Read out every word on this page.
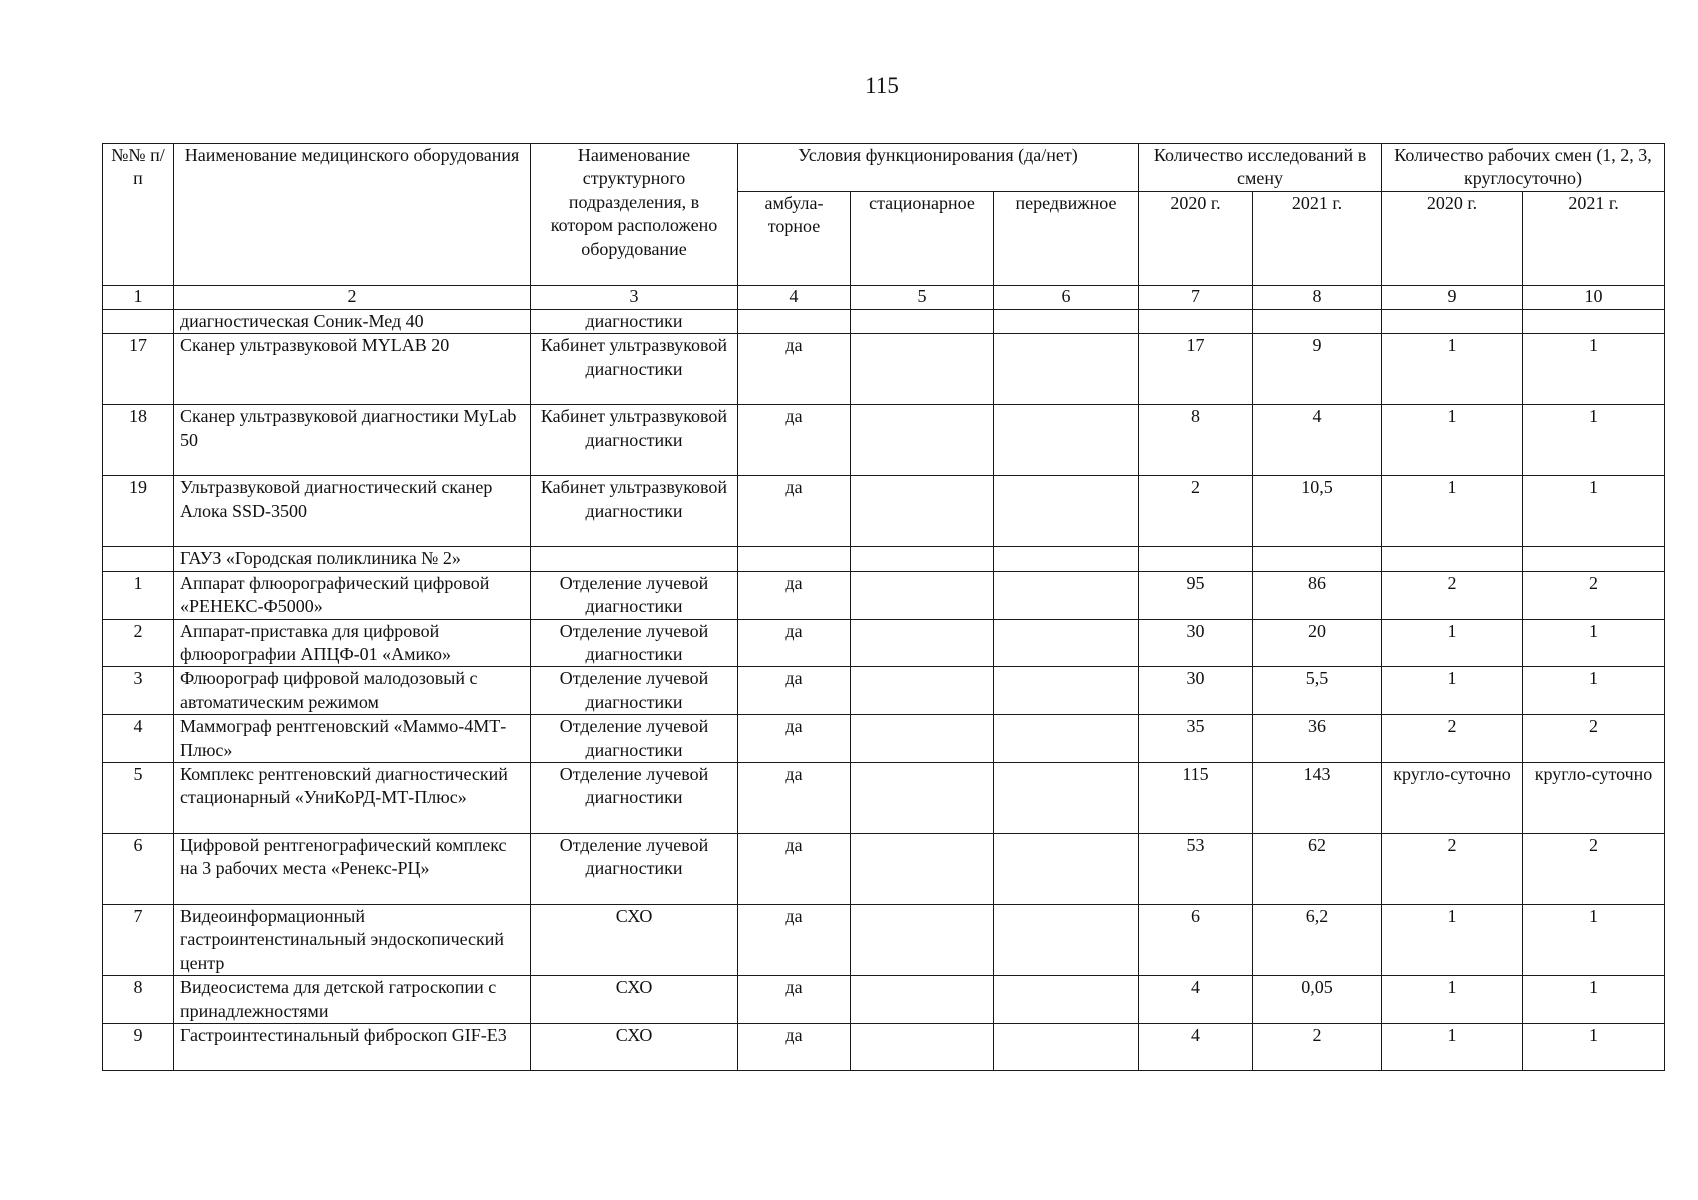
115
№№ п/п	Наименование медицинского оборудования	Наименование структурного подразделения, в котором расположено оборудование	Условия функционирования (да/нет)			Количество исследований в смену		Количество рабочих смен (1, 2, 3, круглосуточно)	
			амбула-торное	стационарное	передвижное	2020 г.	2021 г.	2020 г.	2021 г.
1	2	3	4	5	6	7	8	9	10
	диагностическая Соник-Мед 40	диагностики							
17	Сканер ультразвуковой MYLAB 20	Кабинет ультразвуковой диагностики	да			17	9	1	1
18	Сканер ультразвуковой диагностики MyLab 50	Кабинет ультразвуковой диагностики	да			8	4	1	1
19	Ультразвуковой диагностический сканер Алока SSD-3500	Кабинет ультразвуковой диагностики	да			2	10,5	1	1
	ГАУЗ «Городская поликлиника № 2»								
1	Аппарат флюорографический цифровой «РЕНЕКС-Ф5000»	Отделение лучевой диагностики	да			95	86	2	2
2	Аппарат-приставка для цифровой флюорографии АПЦФ-01 «Амико»	Отделение лучевой диагностики	да			30	20	1	1
3	Флюорограф цифровой малодозовый с автоматическим режимом	Отделение лучевой диагностики	да			30	5,5	1	1
4	Маммограф рентгеновский «Маммо-4МТ-Плюс»	Отделение лучевой диагностики	да			35	36	2	2
5	Комплекс рентгеновский диагностический стационарный «УниКоРД-МТ-Плюс»	Отделение лучевой диагностики	да			115	143	кругло-суточно	кругло-суточно
6	Цифровой рентгенографический комплекс на 3 рабочих места «Ренекс-РЦ»	Отделение лучевой диагностики	да			53	62	2	2
7	Видеоинформационный гастроинтенстинальный эндоскопический центр	СХО	да			6	6,2	1	1
8	Видеосистема для детской гатроскопии с принадлежностями	СХО	да			4	0,05	1	1
9	Гастроинтестинальный фиброскоп GIF-E3	СХО	да			4	2	1	1
